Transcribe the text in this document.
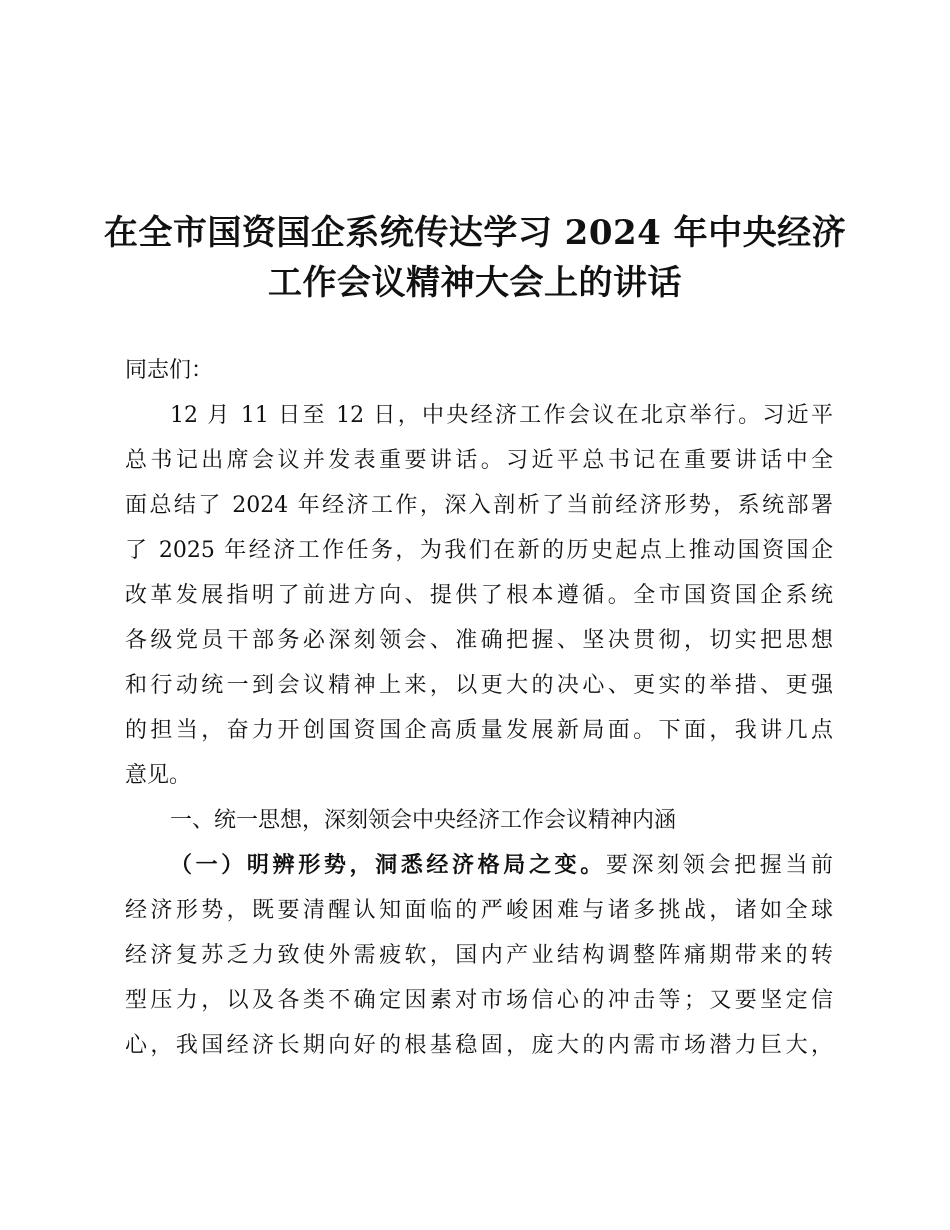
在全市国资国企系统传达学习 2024 年中央经济
工作会议精神大会上的讲话
同志们：
12 月 11 日至 12 日，中央经济工作会议在北京举行。习近平
总书记出席会议并发表重要讲话。习近平总书记在重要讲话中全
面总结了 2024 年经济工作，深入剖析了当前经济形势，系统部署
了 2025 年经济工作任务，为我们在新的历史起点上推动国资国企
改革发展指明了前进方向、提供了根本遵循。全市国资国企系统
各级党员干部务必深刻领会、准确把握、坚决贯彻，切实把思想
和行动统一到会议精神上来，以更大的决心、更实的举措、更强
的担当，奋力开创国资国企高质量发展新局面。下面，我讲几点
意见。
一、统一思想，深刻领会中央经济工作会议精神内涵
（一）明辨形势，洞悉经济格局之变。要深刻领会把握当前
经济形势，既要清醒认知面临的严峻困难与诸多挑战，诸如全球
经济复苏乏力致使外需疲软，国内产业结构调整阵痛期带来的转
型压力，以及各类不确定因素对市场信心的冲击等；又要坚定信
心，我国经济长期向好的根基稳固，庞大的内需市场潜力巨大，
